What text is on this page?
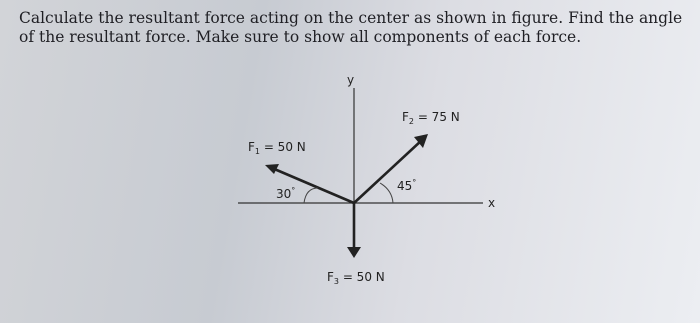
Calculate the resultant force acting on the center as shown in figure. Find the angle of the resultant force. Make sure to show all components of each force.
y
x
$F_1 = 50$ N
$F_2 = 75$ N
$F_3 = 50$ N
30°	45°
